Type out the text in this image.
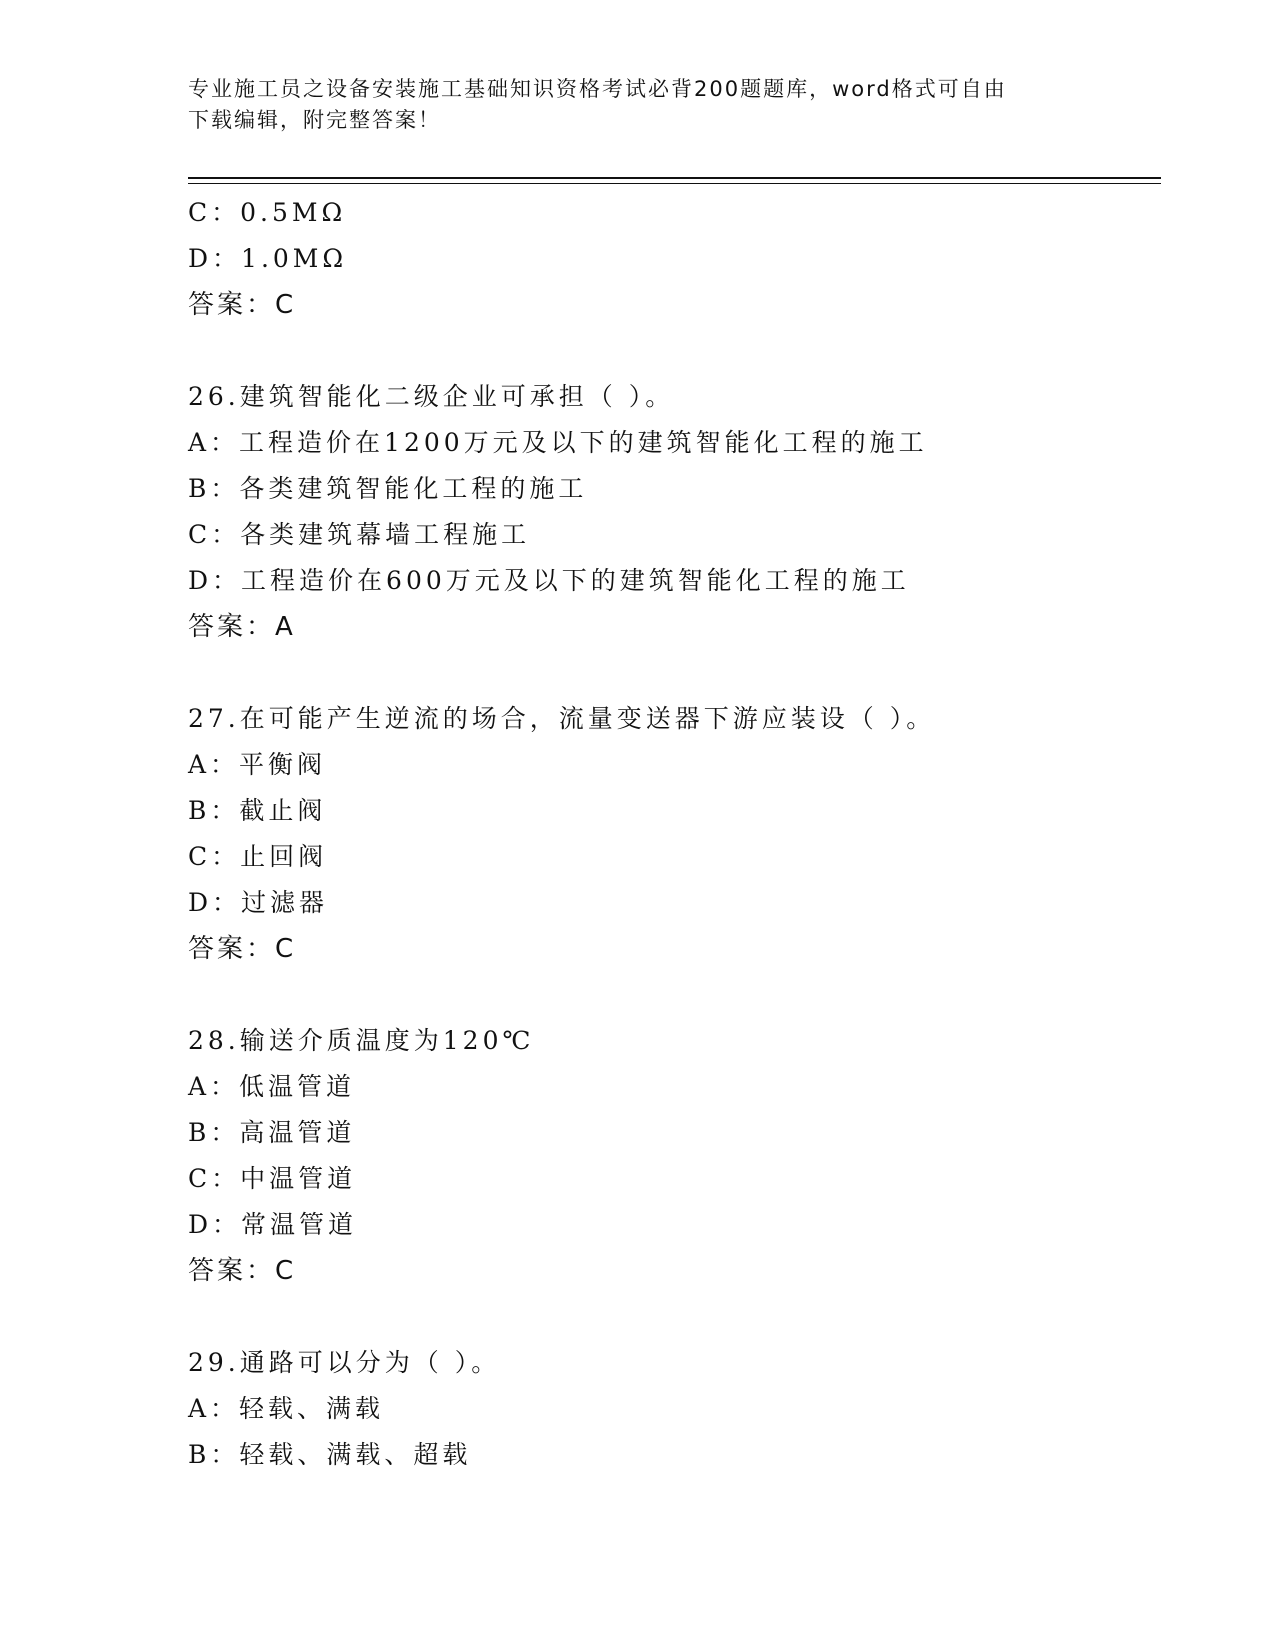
专业施工员之设备安装施工基础知识资格考试必背200题题库，word格式可自由
下载编辑，附完整答案！
C：0.5MΩ
D：1.0MΩ
答案：C
26.建筑智能化二级企业可承担（ ）。
A：工程造价在1200万元及以下的建筑智能化工程的施工
B：各类建筑智能化工程的施工
C：各类建筑幕墙工程施工
D：工程造价在600万元及以下的建筑智能化工程的施工
答案：A
27.在可能产生逆流的场合，流量变送器下游应装设（ ）。
A：平衡阀
B：截止阀
C：止回阀
D：过滤器
答案：C
28.输送介质温度为120℃
A：低温管道
B：高温管道
C：中温管道
D：常温管道
答案：C
29.通路可以分为（ ）。
A：轻载、满载
B：轻载、满载、超载
